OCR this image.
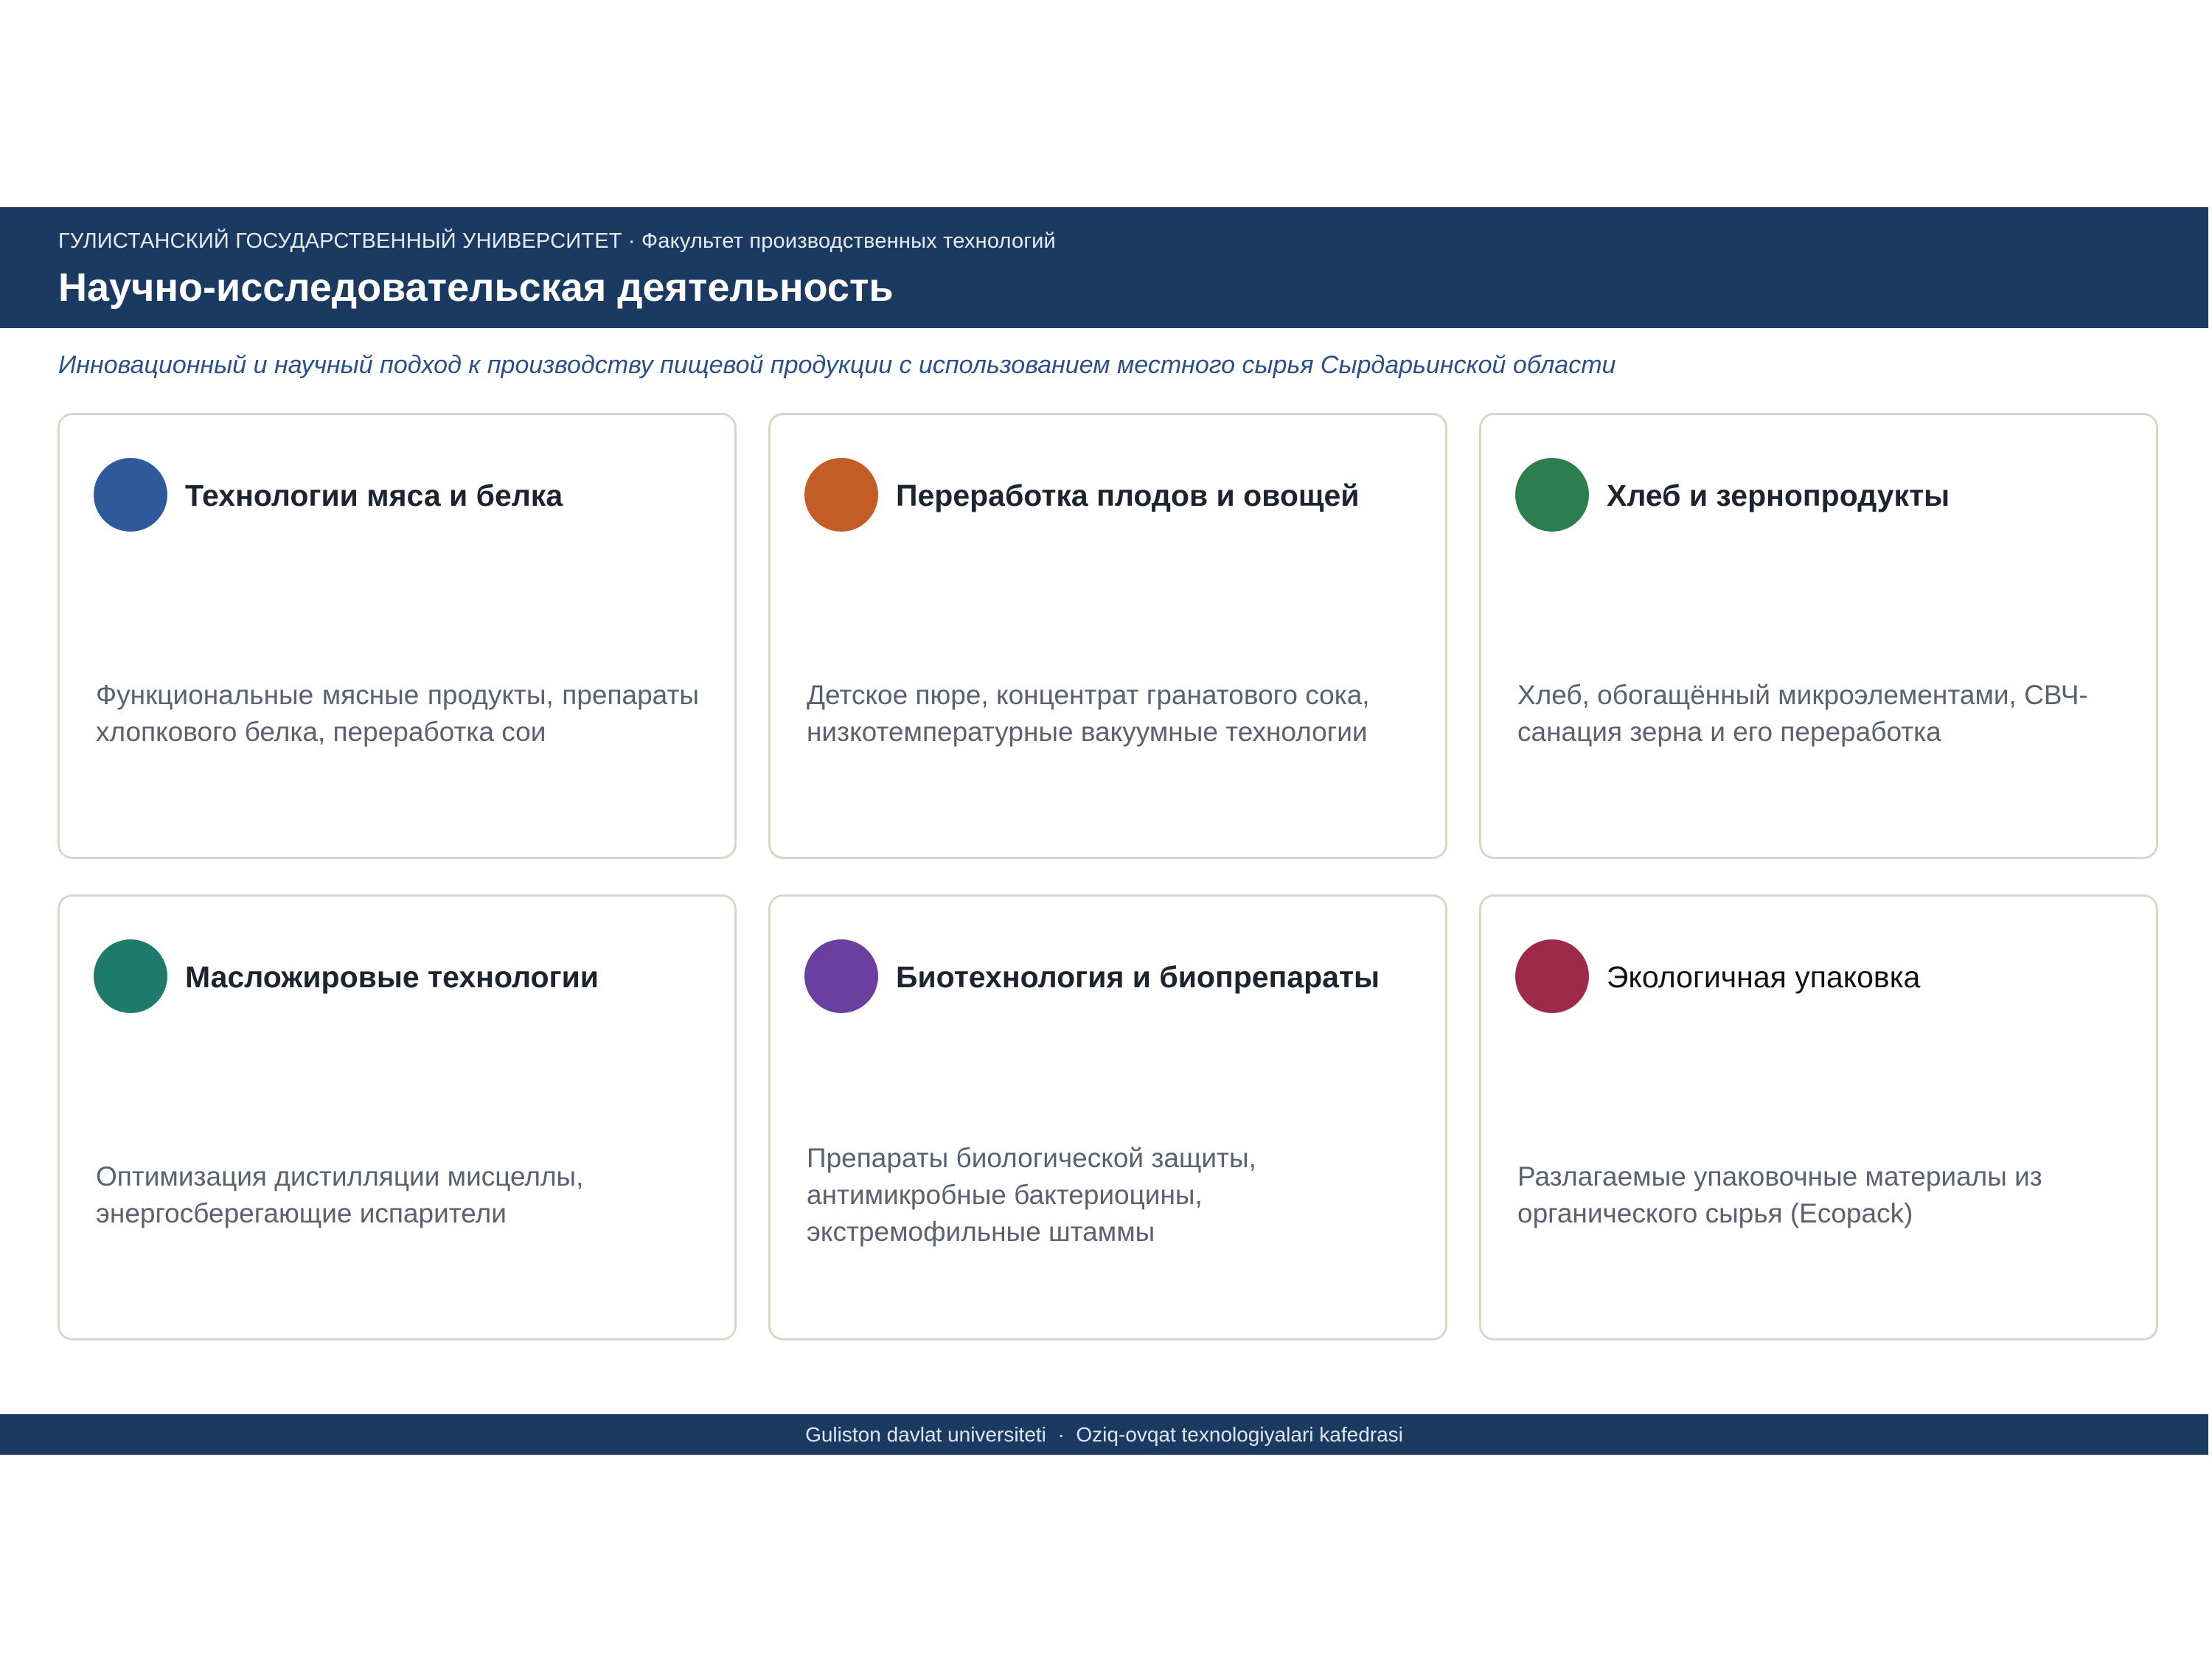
ГУЛИСТАНСКИЙ ГОСУДАРСТВЕННЫЙ УНИВЕРСИТЕТ · Факультет производственных технологий
Научно-исследовательская деятельность
Инновационный и научный подход к производству пищевой продукции с использованием местного сырья Сырдарьинской области
Технологии мяса и белка
Функциональные мясные продукты, препараты хлопкового белка, переработка сои
Переработка плодов и овощей
Детское пюре, концентрат гранатового сока, низкотемпературные вакуумные технологии
Хлеб и зернопродукты
Хлеб, обогащённый микроэлементами, СВЧ-санация зерна и его переработка
Масложировые технологии
Оптимизация дистилляции мисцеллы, энергосберегающие испарители
Биотехнология и биопрепараты
Препараты биологической защиты, антимикробные бактериоцины, экстремофильные штаммы
Экологичная упаковка
Разлагаемые упаковочные материалы из органического сырья (Ecopack)
Guliston davlat universiteti  ·  Oziq-ovqat texnologiyalari kafedrasi
